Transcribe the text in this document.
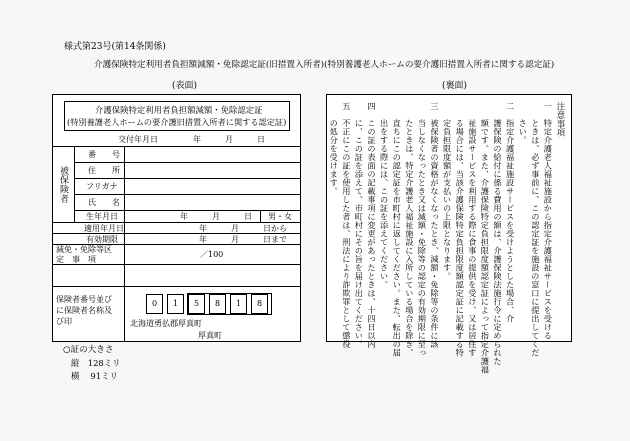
様式第23号(第14条関係)
介護保険特定利用者負担額減額・免除認定証(旧措置入所者)(特別養護老人ホームの要介護旧措置入所者に関する認定証)
(表面)	(裏面)
介護保険特定利用者負担額減額・免除認定証
(特別養護老人ホームの要介護旧措置入所者に関する認定証)
交付年月日	年　　　月　　　日
被保険者
番　　号
住　　所
フリガナ
氏　　名
生年月日	年　　　月　　　日 男・女
適用年月日	年　　　月　　　日から
有効期限	年　　　月　　　日まで
減免・免除等区
定　事　項
／100
保険者番号並び
に保険者名称及
び印
0	1	5	8	1	8
北海道勇払郡厚真町
厚真町
注意事項
一　特定介護老人福祉施設から指定介護福祉サービスを受ける
　　ときは、必ず事前に、この認定証を施設の窓口に提出してくだ
　　さい。
二　指定介護福祉施設サービスを受けようとした場合、介
　　護保険の給付に係る費用の額は、介護保険法施行令に定められた
　　額です。また、介護保険特定負担限度額認定証によって指定介護福
　　祉施設サービスを利用する際に食事の提供を受け、又は居住す
　　る場合には、当該介護保険特定負担限度額認定証に記載する特
　　定負担限度額が支払いの上限となります。
三　被保険者の資格がなくなったとき、減額・免除等の条件に該
　　当しなくなったとき又は減額・免除等の認定の有効期限に至っ
　　たときは、特定介護老人福祉施設に入所している場合を除き、
　　直ちにこの認定証を市町村に返してください。また、転出の届
　　出をする際には、この証を添えてください。
四　この証の表面の記載事項に変更があったときは、十四日以内
　　に、この証を添えて、市町村にその旨を届け出てください。
五　不正にこの証を使用した者は、刑法により詐欺罪として懲役
　　の処分を受けます。
○証の大きさ
縦　128ミリ
横　 91ミリ
